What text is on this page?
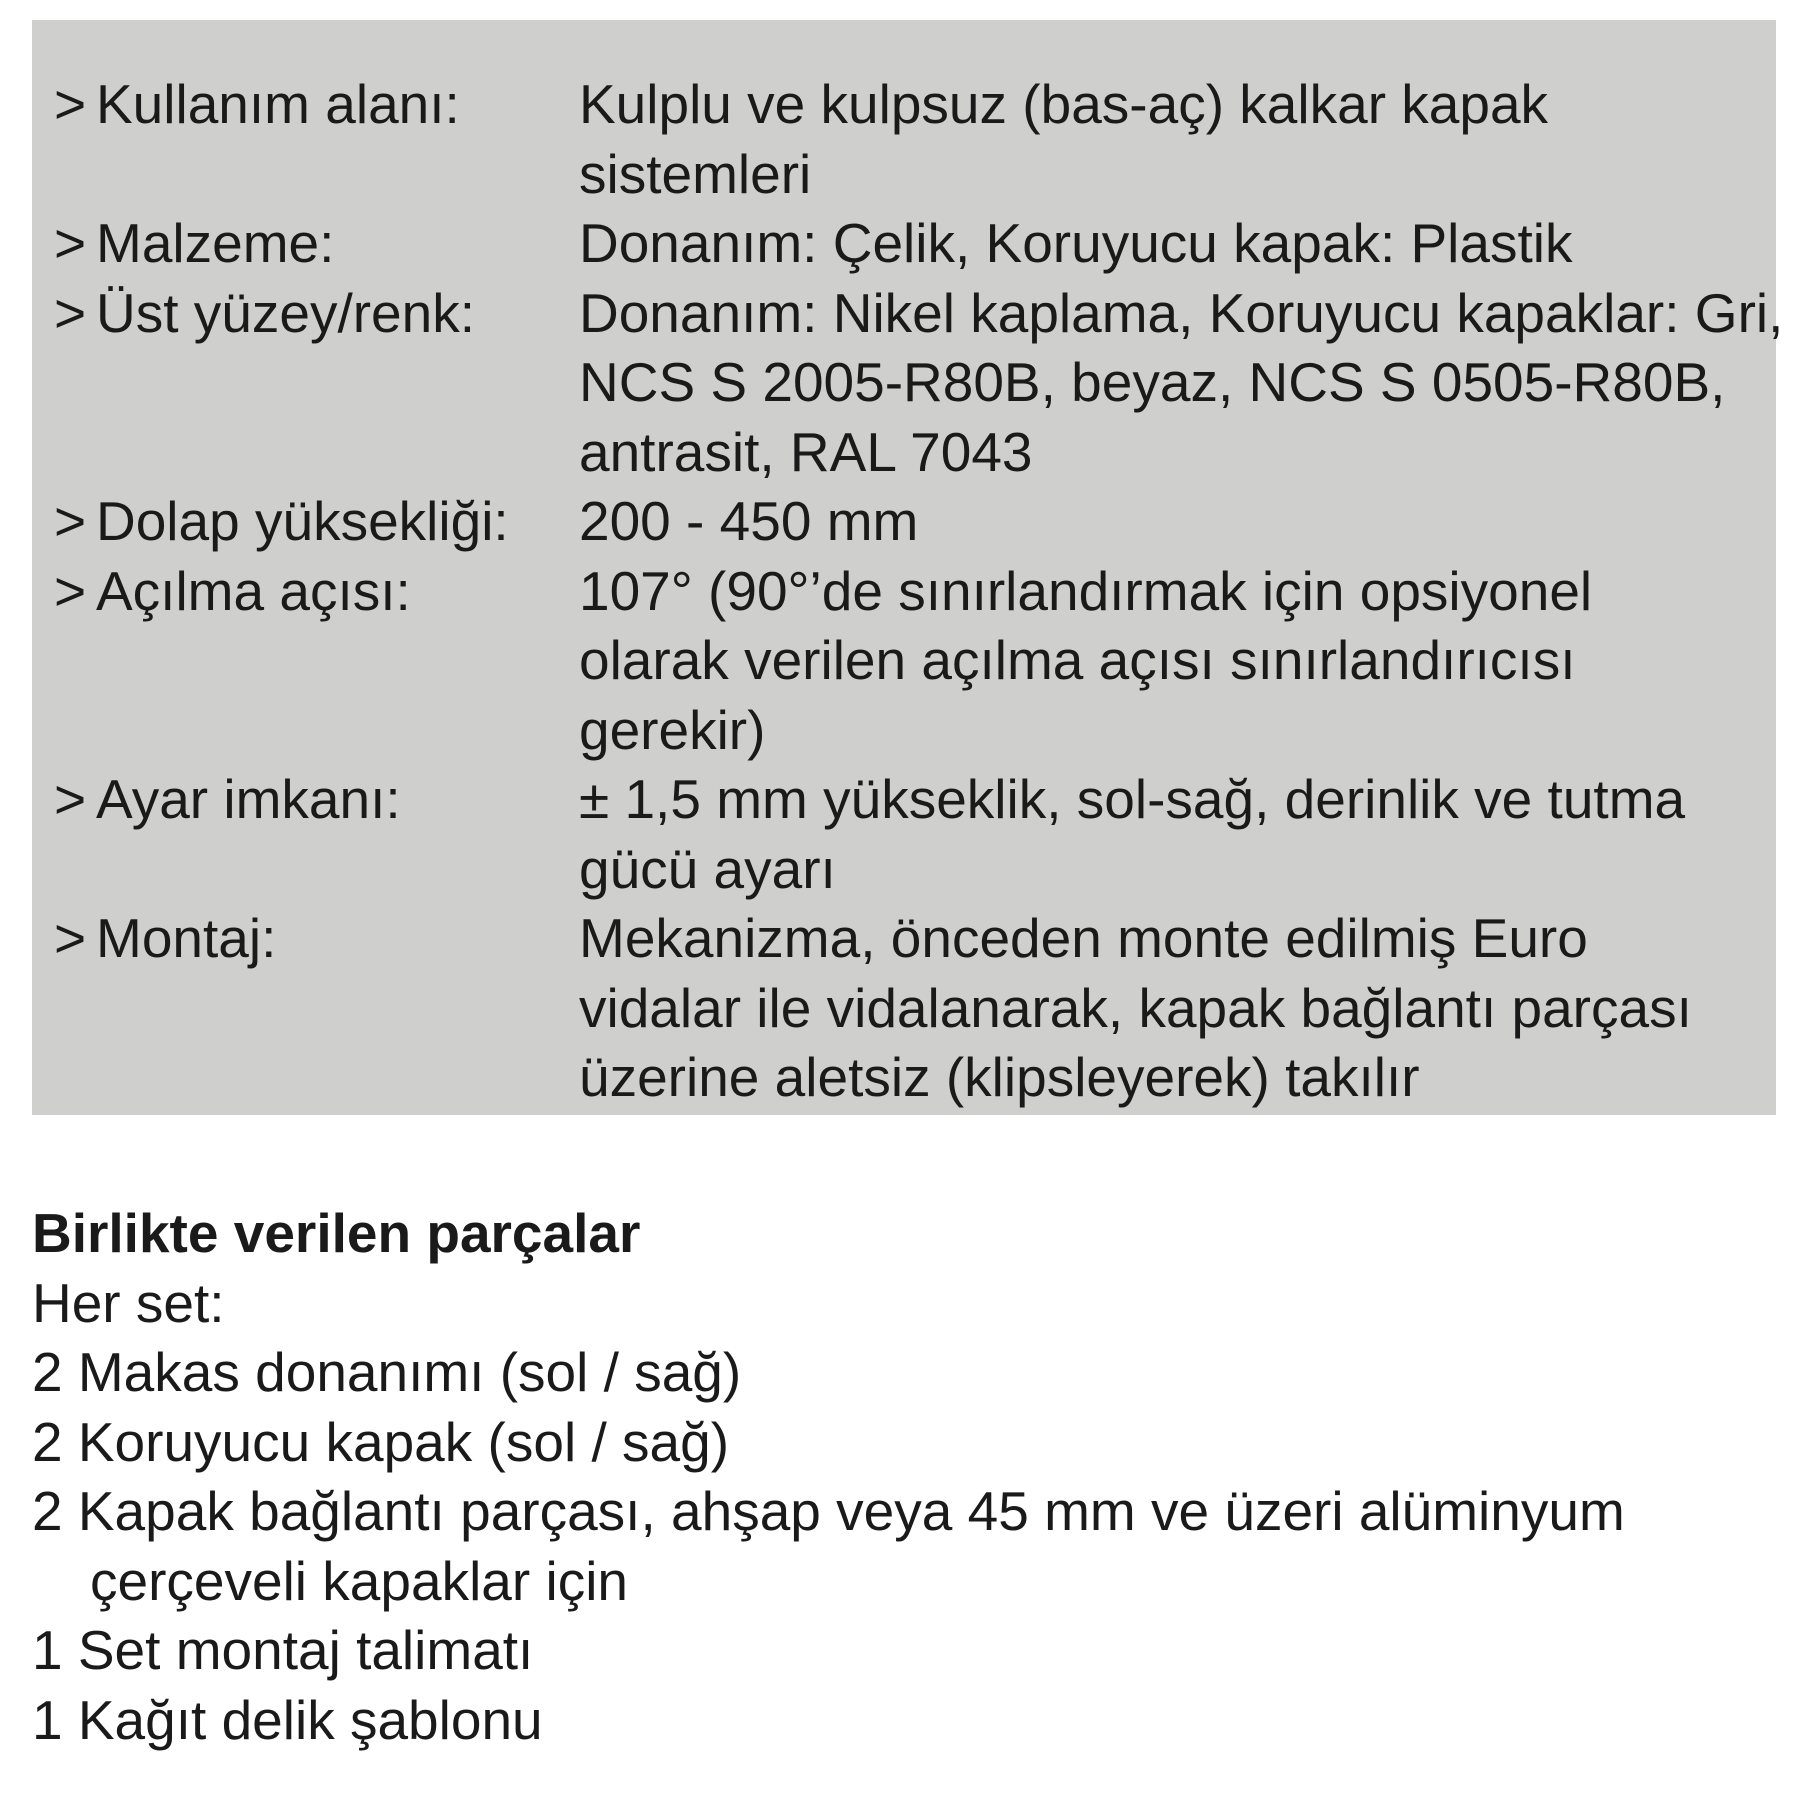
> Kullanım alanı:	Kulplu ve kulpsuz (bas-aç) kalkar kapak
sistemleri
> Malzeme:	Donanım: Çelik, Koruyucu kapak: Plastik
> Üst yüzey/renk:	Donanım: Nikel kaplama, Koruyucu kapaklar: Gri,
NCS S 2005-R80B, beyaz, NCS S 0505-R80B,
antrasit, RAL 7043
> Dolap yüksekliği:	200 - 450 mm
> Açılma açısı:	107° (90°’de sınırlandırmak için opsiyonel
olarak verilen açılma açısı sınırlandırıcısı
gerekir)
> Ayar imkanı:	± 1,5 mm yükseklik, sol-sağ, derinlik ve tutma
gücü ayarı
> Montaj:	Mekanizma, önceden monte edilmiş Euro
vidalar ile vidalanarak, kapak bağlantı parçası
üzerine aletsiz (klipsleyerek) takılır
Birlikte verilen parçalar
Her set:
2 Makas donanımı (sol / sağ)
2 Koruyucu kapak (sol / sağ)
2 Kapak bağlantı parçası, ahşap veya 45 mm ve üzeri alüminyum
çerçeveli kapaklar için
1 Set montaj talimatı
1 Kağıt delik şablonu
